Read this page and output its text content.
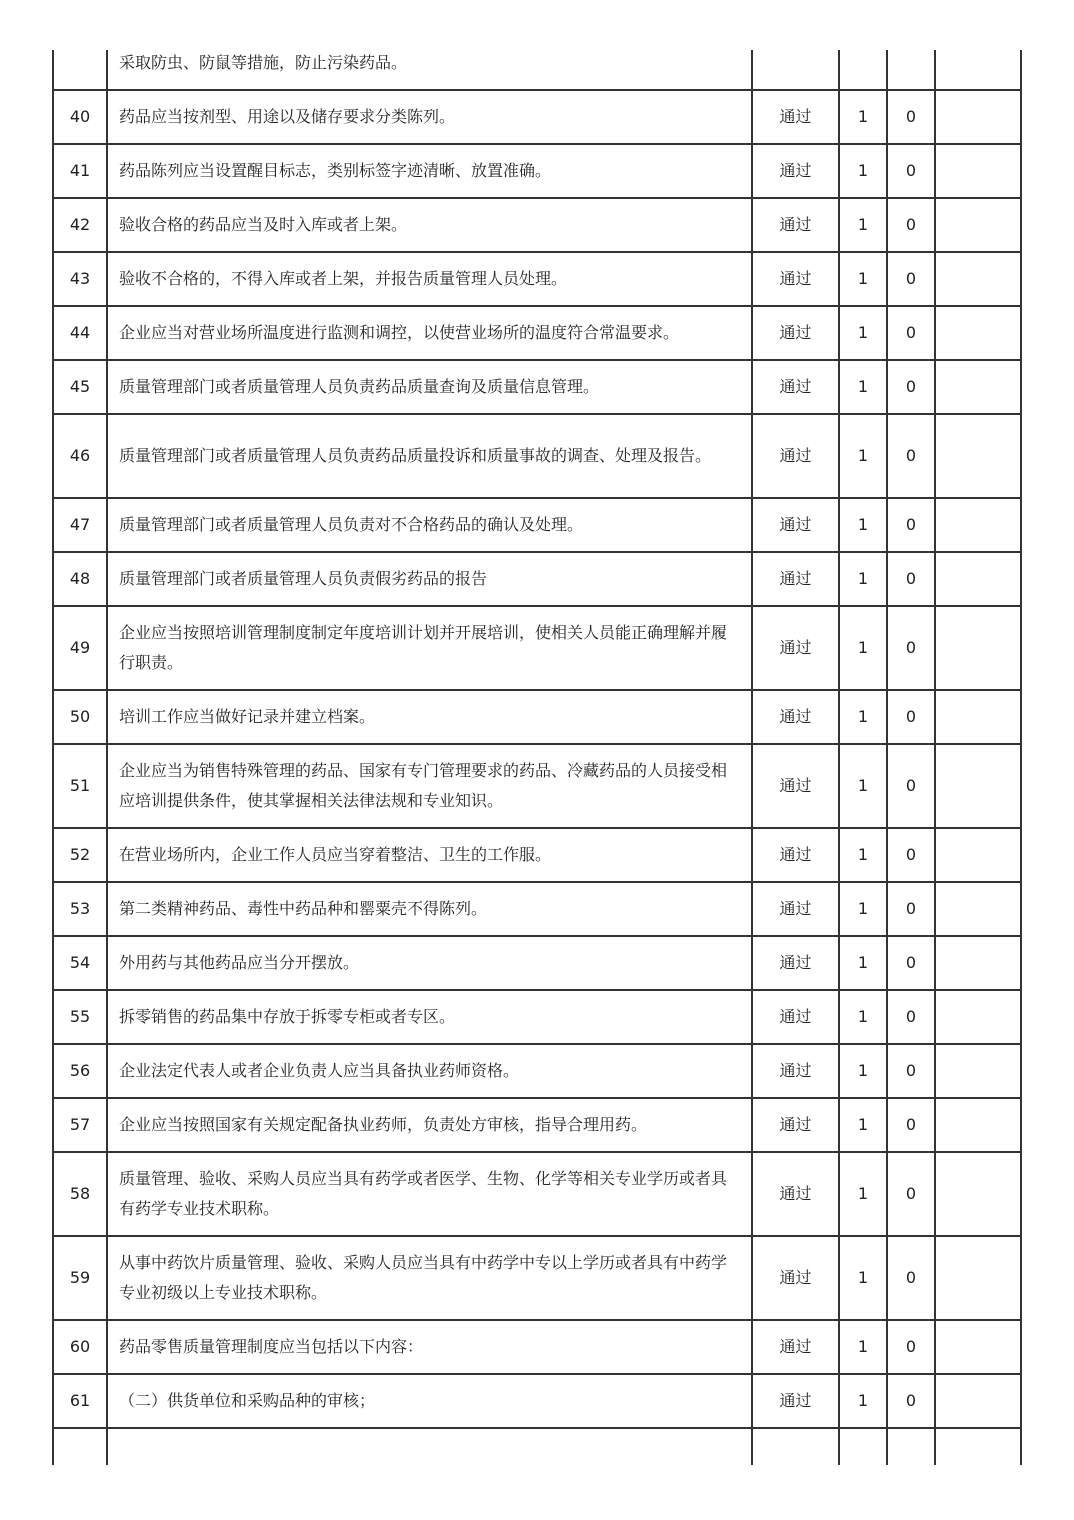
	采取防虫、防鼠等措施，防止污染药品。				
40	药品应当按剂型、用途以及储存要求分类陈列。	通过	1	0	
41	药品陈列应当设置醒目标志，类别标签字迹清晰、放置准确。	通过	1	0	
42	验收合格的药品应当及时入库或者上架。	通过	1	0	
43	验收不合格的，不得入库或者上架，并报告质量管理人员处理。	通过	1	0	
44	企业应当对营业场所温度进行监测和调控，以使营业场所的温度符合常温要求。	通过	1	0	
45	质量管理部门或者质量管理人员负责药品质量查询及质量信息管理。	通过	1	0	
46	质量管理部门或者质量管理人员负责药品质量投诉和质量事故的调查、处理及报告。	通过	1	0	
47	质量管理部门或者质量管理人员负责对不合格药品的确认及处理。	通过	1	0	
48	质量管理部门或者质量管理人员负责假劣药品的报告	通过	1	0	
49	企业应当按照培训管理制度制定年度培训计划并开展培训，使相关人员能正确理解并履行职责。	通过	1	0	
50	培训工作应当做好记录并建立档案。	通过	1	0	
51	企业应当为销售特殊管理的药品、国家有专门管理要求的药品、冷藏药品的人员接受相应培训提供条件，使其掌握相关法律法规和专业知识。	通过	1	0	
52	在营业场所内，企业工作人员应当穿着整洁、卫生的工作服。	通过	1	0	
53	第二类精神药品、毒性中药品种和罂粟壳不得陈列。	通过	1	0	
54	外用药与其他药品应当分开摆放。	通过	1	0	
55	拆零销售的药品集中存放于拆零专柜或者专区。	通过	1	0	
56	企业法定代表人或者企业负责人应当具备执业药师资格。	通过	1	0	
57	企业应当按照国家有关规定配备执业药师，负责处方审核，指导合理用药。	通过	1	0	
58	质量管理、验收、采购人员应当具有药学或者医学、生物、化学等相关专业学历或者具有药学专业技术职称。	通过	1	0	
59	从事中药饮片质量管理、验收、采购人员应当具有中药学中专以上学历或者具有中药学专业初级以上专业技术职称。	通过	1	0	
60	药品零售质量管理制度应当包括以下内容：	通过	1	0	
61	（二）供货单位和采购品种的审核；	通过	1	0	
